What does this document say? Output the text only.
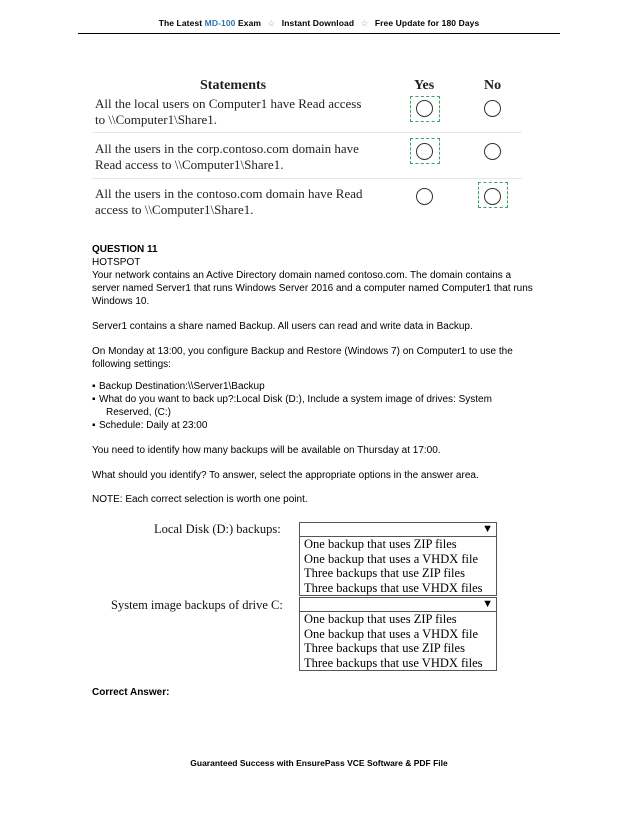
The Latest MD-100 Exam ☆ Instant Download ☆ Free Update for 180 Days
Statements	Yes	No
All the local users on Computer1 have Read access
to \\Computer1\Share1.
All the users in the corp.contoso.com domain have
Read access to \\Computer1\Share1.
All the users in the contoso.com domain have Read
access to \\Computer1\Share1.
QUESTION 11
HOTSPOT
Your network contains an Active Directory domain named contoso.com. The domain contains a server named Server1 that runs Windows Server 2016 and a computer named Computer1 that runs Windows 10.
Server1 contains a share named Backup. All users can read and write data in Backup.
On Monday at 13:00, you configure Backup and Restore (Windows 7) on Computer1 to use the following settings:
▪ Backup Destination:\\Server1\Backup
▪ What do you want to back up?:Local Disk (D:), Include a system image of drives: System
Reserved, (C:)
▪ Schedule: Daily at 23:00
You need to identify how many backups will be available on Thursday at 17:00.
What should you identify? To answer, select the appropriate options in the answer area.
NOTE: Each correct selection is worth one point.
Local Disk (D:) backups:	▼
One backup that uses ZIP files
One backup that uses a VHDX file
Three backups that use ZIP files
Three backups that use VHDX files
System image backups of drive C:	▼
One backup that uses ZIP files
One backup that uses a VHDX file
Three backups that use ZIP files
Three backups that use VHDX files
Correct Answer:
Guaranteed Success with EnsurePass VCE Software & PDF File
